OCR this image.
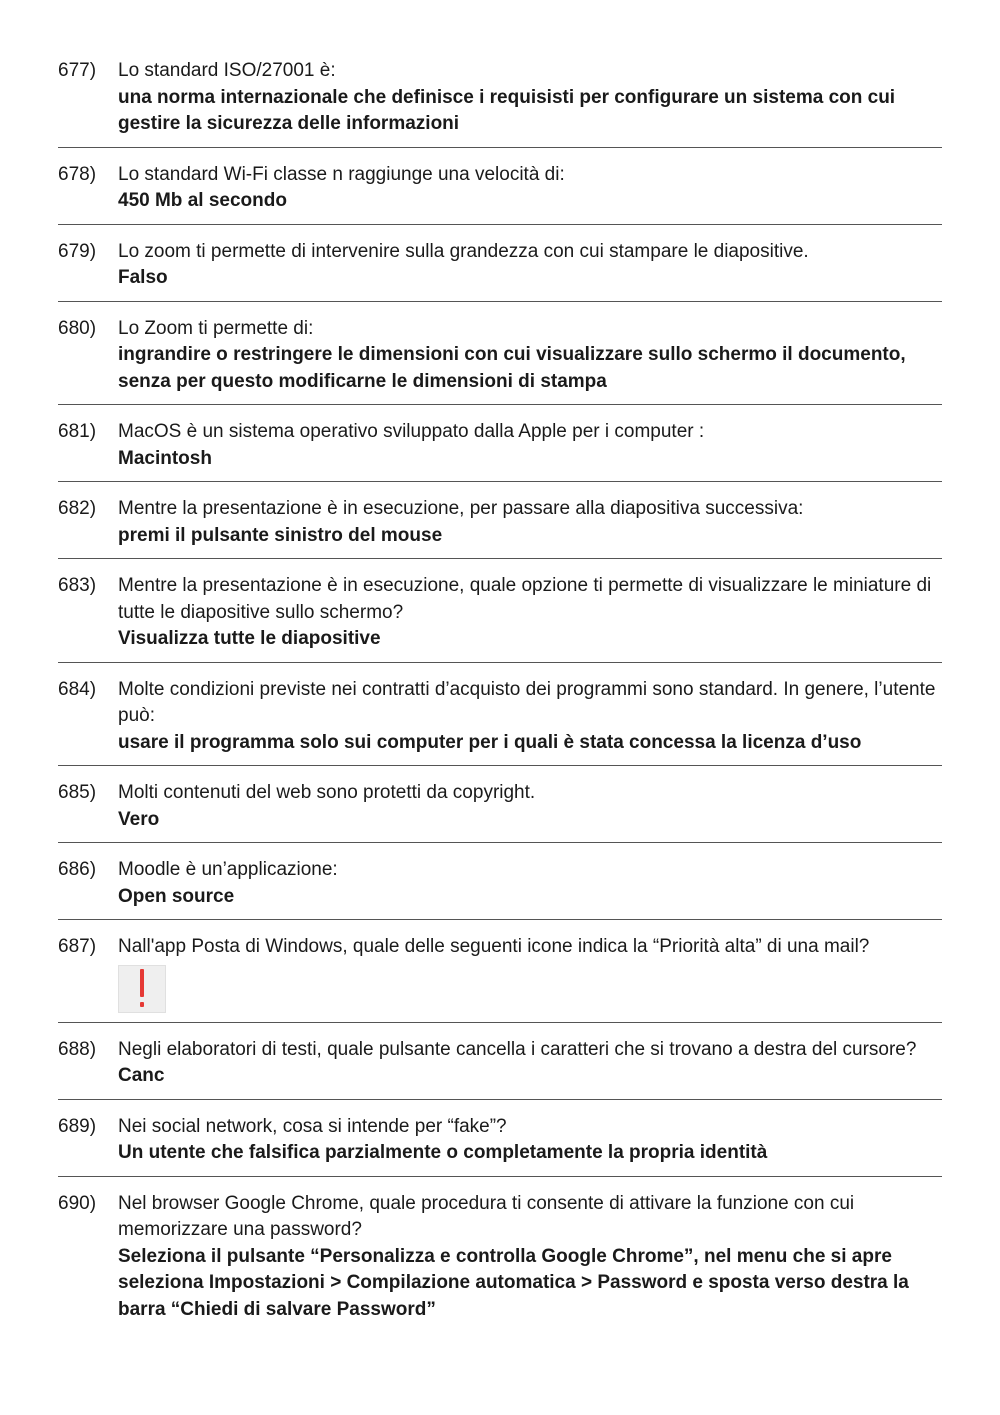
677)	Lo standard ISO/27001 è:
una norma internazionale che definisce i requisisti per configurare un sistema con cui gestire la sicurezza delle informazioni
678)	Lo standard Wi-Fi classe n raggiunge una velocità di:
450 Mb al secondo
679)	Lo zoom ti permette di intervenire sulla grandezza con cui stampare le diapositive.
Falso
680)	Lo Zoom ti permette di:
ingrandire o restringere le dimensioni con cui visualizzare sullo schermo il documento, senza per questo modificarne le dimensioni di stampa
681)	MacOS è un sistema operativo sviluppato dalla Apple per i computer :
Macintosh
682)	Mentre la presentazione è in esecuzione, per passare alla diapositiva successiva:
premi il pulsante sinistro del mouse
683)	Mentre la presentazione è in esecuzione, quale opzione ti permette di visualizzare le miniature di tutte le diapositive sullo schermo?
Visualizza tutte le diapositive
684)	Molte condizioni previste nei contratti d’acquisto dei programmi sono standard. In genere, l’utente può:
usare il programma solo sui computer per i quali è stata concessa la licenza d’uso
685)	Molti contenuti del web sono protetti da copyright.
Vero
686)	Moodle è un’applicazione:
Open source
687)	Nall'app Posta di Windows, quale delle seguenti icone indica la “Priorità alta” di una mail?
688)	Negli elaboratori di testi, quale pulsante cancella i caratteri che si trovano a destra del cursore?
Canc
689)	Nei social network, cosa si intende per “fake”?
Un utente che falsifica parzialmente o completamente la propria identità
690)	Nel browser Google Chrome, quale procedura ti consente di attivare la funzione con cui memorizzare una password?
Seleziona il pulsante “Personalizza e controlla Google Chrome”, nel menu che si apre seleziona Impostazioni > Compilazione automatica > Password e sposta verso destra la barra “Chiedi di salvare Password”
